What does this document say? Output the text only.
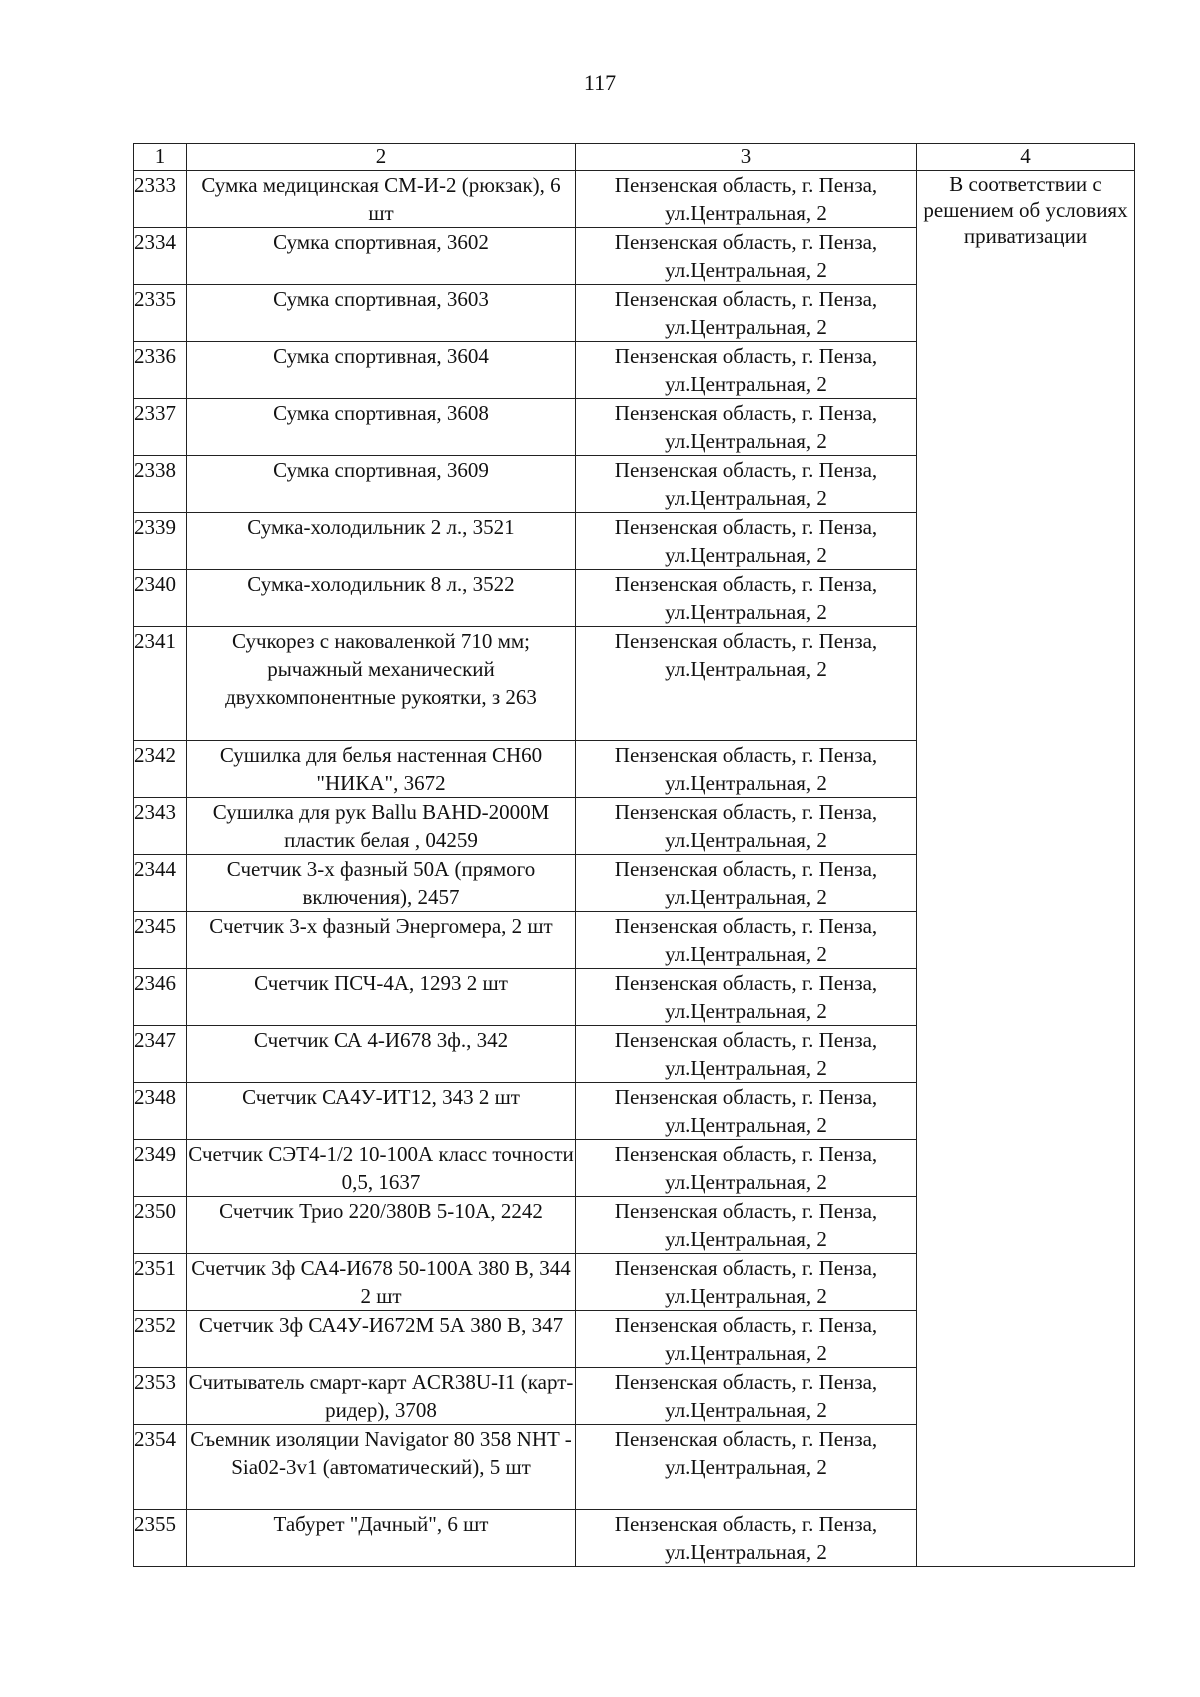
117
1	2	3	4
2333	Сумка медицинская СМ-И-2 (рюкзак), 6 шт	Пензенская область, г. Пенза, ул.Центральная, 2	В соответствии с решением об условиях приватизации
2334	Сумка спортивная, 3602	Пензенская область, г. Пенза, ул.Центральная, 2	
2335	Сумка спортивная, 3603	Пензенская область, г. Пенза, ул.Центральная, 2	
2336	Сумка спортивная, 3604	Пензенская область, г. Пенза, ул.Центральная, 2	
2337	Сумка спортивная, 3608	Пензенская область, г. Пенза, ул.Центральная, 2	
2338	Сумка спортивная, 3609	Пензенская область, г. Пенза, ул.Центральная, 2	
2339	Сумка-холодильник 2 л., 3521	Пензенская область, г. Пенза, ул.Центральная, 2	
2340	Сумка-холодильник 8 л., 3522	Пензенская область, г. Пенза, ул.Центральная, 2	
2341	Сучкорез с наковаленкой 710 мм; рычажный механический двухкомпонентные рукоятки, з 263	Пензенская область, г. Пенза, ул.Центральная, 2	
2342	Сушилка для белья настенная СН60 "НИКА", 3672	Пензенская область, г. Пенза, ул.Центральная, 2	
2343	Сушилка для рук Ballu BAHD-2000M пластик белая , 04259	Пензенская область, г. Пенза, ул.Центральная, 2	
2344	Счетчик 3-х фазный 50А (прямого включения), 2457	Пензенская область, г. Пенза, ул.Центральная, 2	
2345	Счетчик 3-х фазный Энергомера, 2 шт	Пензенская область, г. Пенза, ул.Центральная, 2	
2346	Счетчик ПСЧ-4А, 1293 2 шт	Пензенская область, г. Пенза, ул.Центральная, 2	
2347	Счетчик СА 4-И678 3ф., 342	Пензенская область, г. Пенза, ул.Центральная, 2	
2348	Счетчик СА4У-ИТ12, 343 2 шт	Пензенская область, г. Пенза, ул.Центральная, 2	
2349	Счетчик СЭТ4-1/2 10-100А класс точности 0,5, 1637	Пензенская область, г. Пенза, ул.Центральная, 2	
2350	Счетчик Трио 220/380В 5-10А, 2242	Пензенская область, г. Пенза, ул.Центральная, 2	
2351	Счетчик 3ф СА4-И678 50-100А 380 В, 344 2 шт	Пензенская область, г. Пенза, ул.Центральная, 2	
2352	Счетчик 3ф СА4У-И672М 5А 380 В, 347	Пензенская область, г. Пенза, ул.Центральная, 2	
2353	Считыватель смарт-карт ACR38U-I1 (карт-ридер), 3708	Пензенская область, г. Пенза, ул.Центральная, 2	
2354	Съемник изоляции Navigator 80 358 NHT - Sia02-3v1 (автоматический), 5 шт	Пензенская область, г. Пенза, ул.Центральная, 2	
2355	Табурет "Дачный", 6 шт	Пензенская область, г. Пенза, ул.Центральная, 2	
